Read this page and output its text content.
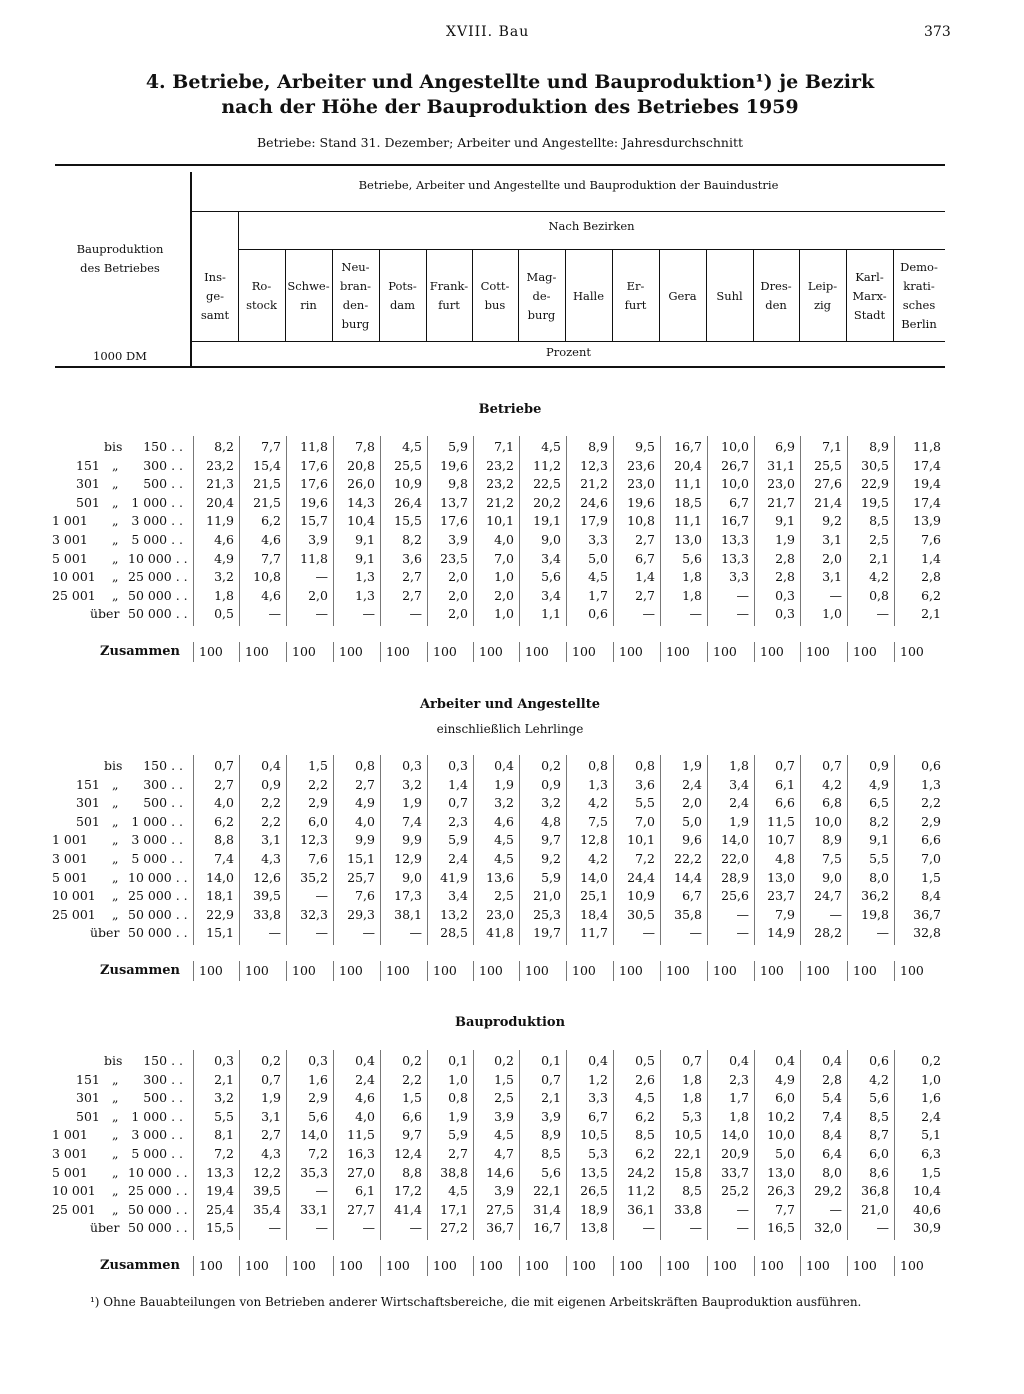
XVIII. Bau	373
4. Betriebe, Arbeiter und Angestellte und Bauproduktion¹) je Bezirk
nach der Höhe der Bauproduktion des Betriebes 1959
Betriebe: Stand 31. Dezember; Arbeiter und Angestellte: Jahresdurchschnitt
Bauproduktion
des Betriebes
1000 DM
Betriebe, Arbeiter und Angestellte und Bauproduktion der Bauindustrie
Nach Bezirken
Prozent
Ins-
ge-
samt
Ro-
stock
Schwe-
rin
Neu-
bran-
den-
burg
Pots-
dam
Frank-
furt
Cott-
bus
Mag-
de-
burg
Halle
Er-
furt
Gera	Suhl
Dres-
den
Leip-
zig
Karl-
Marx-
Stadt
Demo-
krati-
sches
Berlin
Betriebe
bis	150 . .	8,2	7,7	11,8	7,8	4,5	5,9	7,1	4,5	8,9	9,5	16,7	10,0	6,9	7,1	8,9	11,8
151 „	300 . .	23,2	15,4	17,6	20,8	25,5	19,6	23,2	11,2	12,3	23,6	20,4	26,7	31,1	25,5	30,5	17,4
301 „	500 . .	21,3	21,5	17,6	26,0	10,9	9,8	23,2	22,5	21,2	23,0	11,1	10,0	23,0	27,6	22,9	19,4
501 „ 1 000 . .	20,4	21,5	19,6	14,3	26,4	13,7	21,2	20,2	24,6	19,6	18,5	6,7	21,7	21,4	19,5	17,4
1 001 „ 3 000 . .	11,9	6,2	15,7	10,4	15,5	17,6	10,1	19,1	17,9	10,8	11,1	16,7	9,1	9,2	8,5	13,9
3 001 „ 5 000 . .	4,6	4,6	3,9	9,1	8,2	3,9	4,0	9,0	3,3	2,7	13,0	13,3	1,9	3,1	2,5	7,6
5 001 „ 10 000 . .	4,9	7,7	11,8	9,1	3,6	23,5	7,0	3,4	5,0	6,7	5,6	13,3	2,8	2,0	2,1	1,4
10 001 „ 25 000 . .	3,2	10,8	—	1,3	2,7	2,0	1,0	5,6	4,5	1,4	1,8	3,3	2,8	3,1	4,2	2,8
25 001 „ 50 000 . .	1,8	4,6	2,0	1,3	2,7	2,0	2,0	3,4	1,7	2,7	1,8	—	0,3	—	0,8	6,2
über 50 000 . .	0,5	—	—	—	—	2,0	1,0	1,1	0,6	—	—	—	0,3	1,0	—	2,1
Zusammen 100 100 100 100 100 100 100 100 100 100 100 100 100 100 100 100
Arbeiter und Angestellte
einschließlich Lehrlinge
bis	150 . .	0,7	0,4	1,5	0,8	0,3	0,3	0,4	0,2	0,8	0,8	1,9	1,8	0,7	0,7	0,9	0,6
151 „	300 . .	2,7	0,9	2,2	2,7	3,2	1,4	1,9	0,9	1,3	3,6	2,4	3,4	6,1	4,2	4,9	1,3
301 „	500 . .	4,0	2,2	2,9	4,9	1,9	0,7	3,2	3,2	4,2	5,5	2,0	2,4	6,6	6,8	6,5	2,2
501 „ 1 000 . .	6,2	2,2	6,0	4,0	7,4	2,3	4,6	4,8	7,5	7,0	5,0	1,9	11,5	10,0	8,2	2,9
1 001 „ 3 000 . .	8,8	3,1	12,3	9,9	9,9	5,9	4,5	9,7	12,8	10,1	9,6	14,0	10,7	8,9	9,1	6,6
3 001 „ 5 000 . .	7,4	4,3	7,6	15,1	12,9	2,4	4,5	9,2	4,2	7,2	22,2	22,0	4,8	7,5	5,5	7,0
5 001 „ 10 000 . .	14,0	12,6	35,2	25,7	9,0	41,9	13,6	5,9	14,0	24,4	14,4	28,9	13,0	9,0	8,0	1,5
10 001 „ 25 000 . .	18,1	39,5	—	7,6	17,3	3,4	2,5	21,0	25,1	10,9	6,7	25,6	23,7	24,7	36,2	8,4
25 001 „ 50 000 . .	22,9	33,8	32,3	29,3	38,1	13,2	23,0	25,3	18,4	30,5	35,8	—	7,9	—	19,8	36,7
über 50 000 . .	15,1	—	—	—	—	28,5	41,8	19,7	11,7	—	—	—	14,9	28,2	—	32,8
Zusammen 100 100 100 100 100 100 100 100 100 100 100 100 100 100 100 100
Bauproduktion
bis	150 . .	0,3	0,2	0,3	0,4	0,2	0,1	0,2	0,1	0,4	0,5	0,7	0,4	0,4	0,4	0,6	0,2
151 „	300 . .	2,1	0,7	1,6	2,4	2,2	1,0	1,5	0,7	1,2	2,6	1,8	2,3	4,9	2,8	4,2	1,0
301 „	500 . .	3,2	1,9	2,9	4,6	1,5	0,8	2,5	2,1	3,3	4,5	1,8	1,7	6,0	5,4	5,6	1,6
501 „ 1 000 . .	5,5	3,1	5,6	4,0	6,6	1,9	3,9	3,9	6,7	6,2	5,3	1,8	10,2	7,4	8,5	2,4
1 001 „ 3 000 . .	8,1	2,7	14,0	11,5	9,7	5,9	4,5	8,9	10,5	8,5	10,5	14,0	10,0	8,4	8,7	5,1
3 001 „ 5 000 . .	7,2	4,3	7,2	16,3	12,4	2,7	4,7	8,5	5,3	6,2	22,1	20,9	5,0	6,4	6,0	6,3
5 001 „ 10 000 . .	13,3	12,2	35,3	27,0	8,8	38,8	14,6	5,6	13,5	24,2	15,8	33,7	13,0	8,0	8,6	1,5
10 001 „ 25 000 . .	19,4	39,5	—	6,1	17,2	4,5	3,9	22,1	26,5	11,2	8,5	25,2	26,3	29,2	36,8	10,4
25 001 „ 50 000 . .	25,4	35,4	33,1	27,7	41,4	17,1	27,5	31,4	18,9	36,1	33,8	—	7,7	—	21,0	40,6
über 50 000 . .	15,5	—	—	—	—	27,2	36,7	16,7	13,8	—	—	—	16,5	32,0	—	30,9
Zusammen 100 100 100 100 100 100 100 100 100 100 100 100 100 100 100 100
¹) Ohne Bauabteilungen von Betrieben anderer Wirtschaftsbereiche, die mit eigenen Arbeitskräften Bauproduktion ausführen.
